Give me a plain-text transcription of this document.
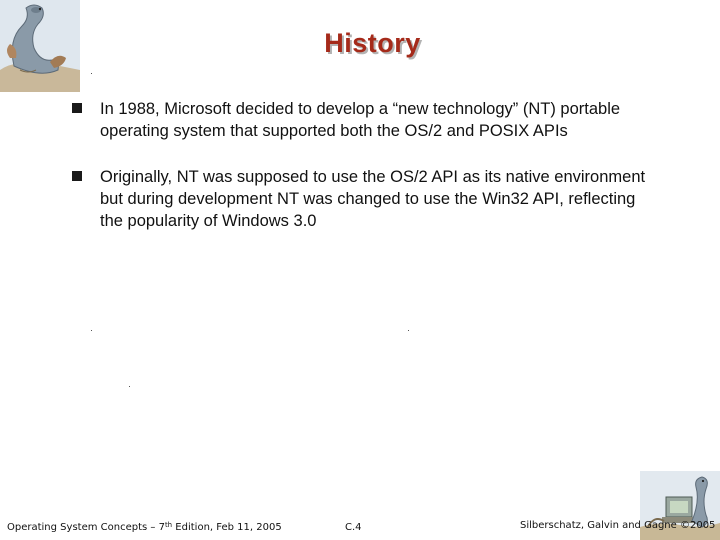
History
In 1988, Microsoft decided to develop a “new technology” (NT) portable operating system that supported both the OS/2 and POSIX APIs
Originally, NT was supposed to use the OS/2 API as its native environment but during development NT was changed to use the Win32 API, reflecting the popularity of Windows 3.0
Operating System Concepts – 7th Edition, Feb 11, 2005	C.4	Silberschatz, Galvin and Gagne ©2005
